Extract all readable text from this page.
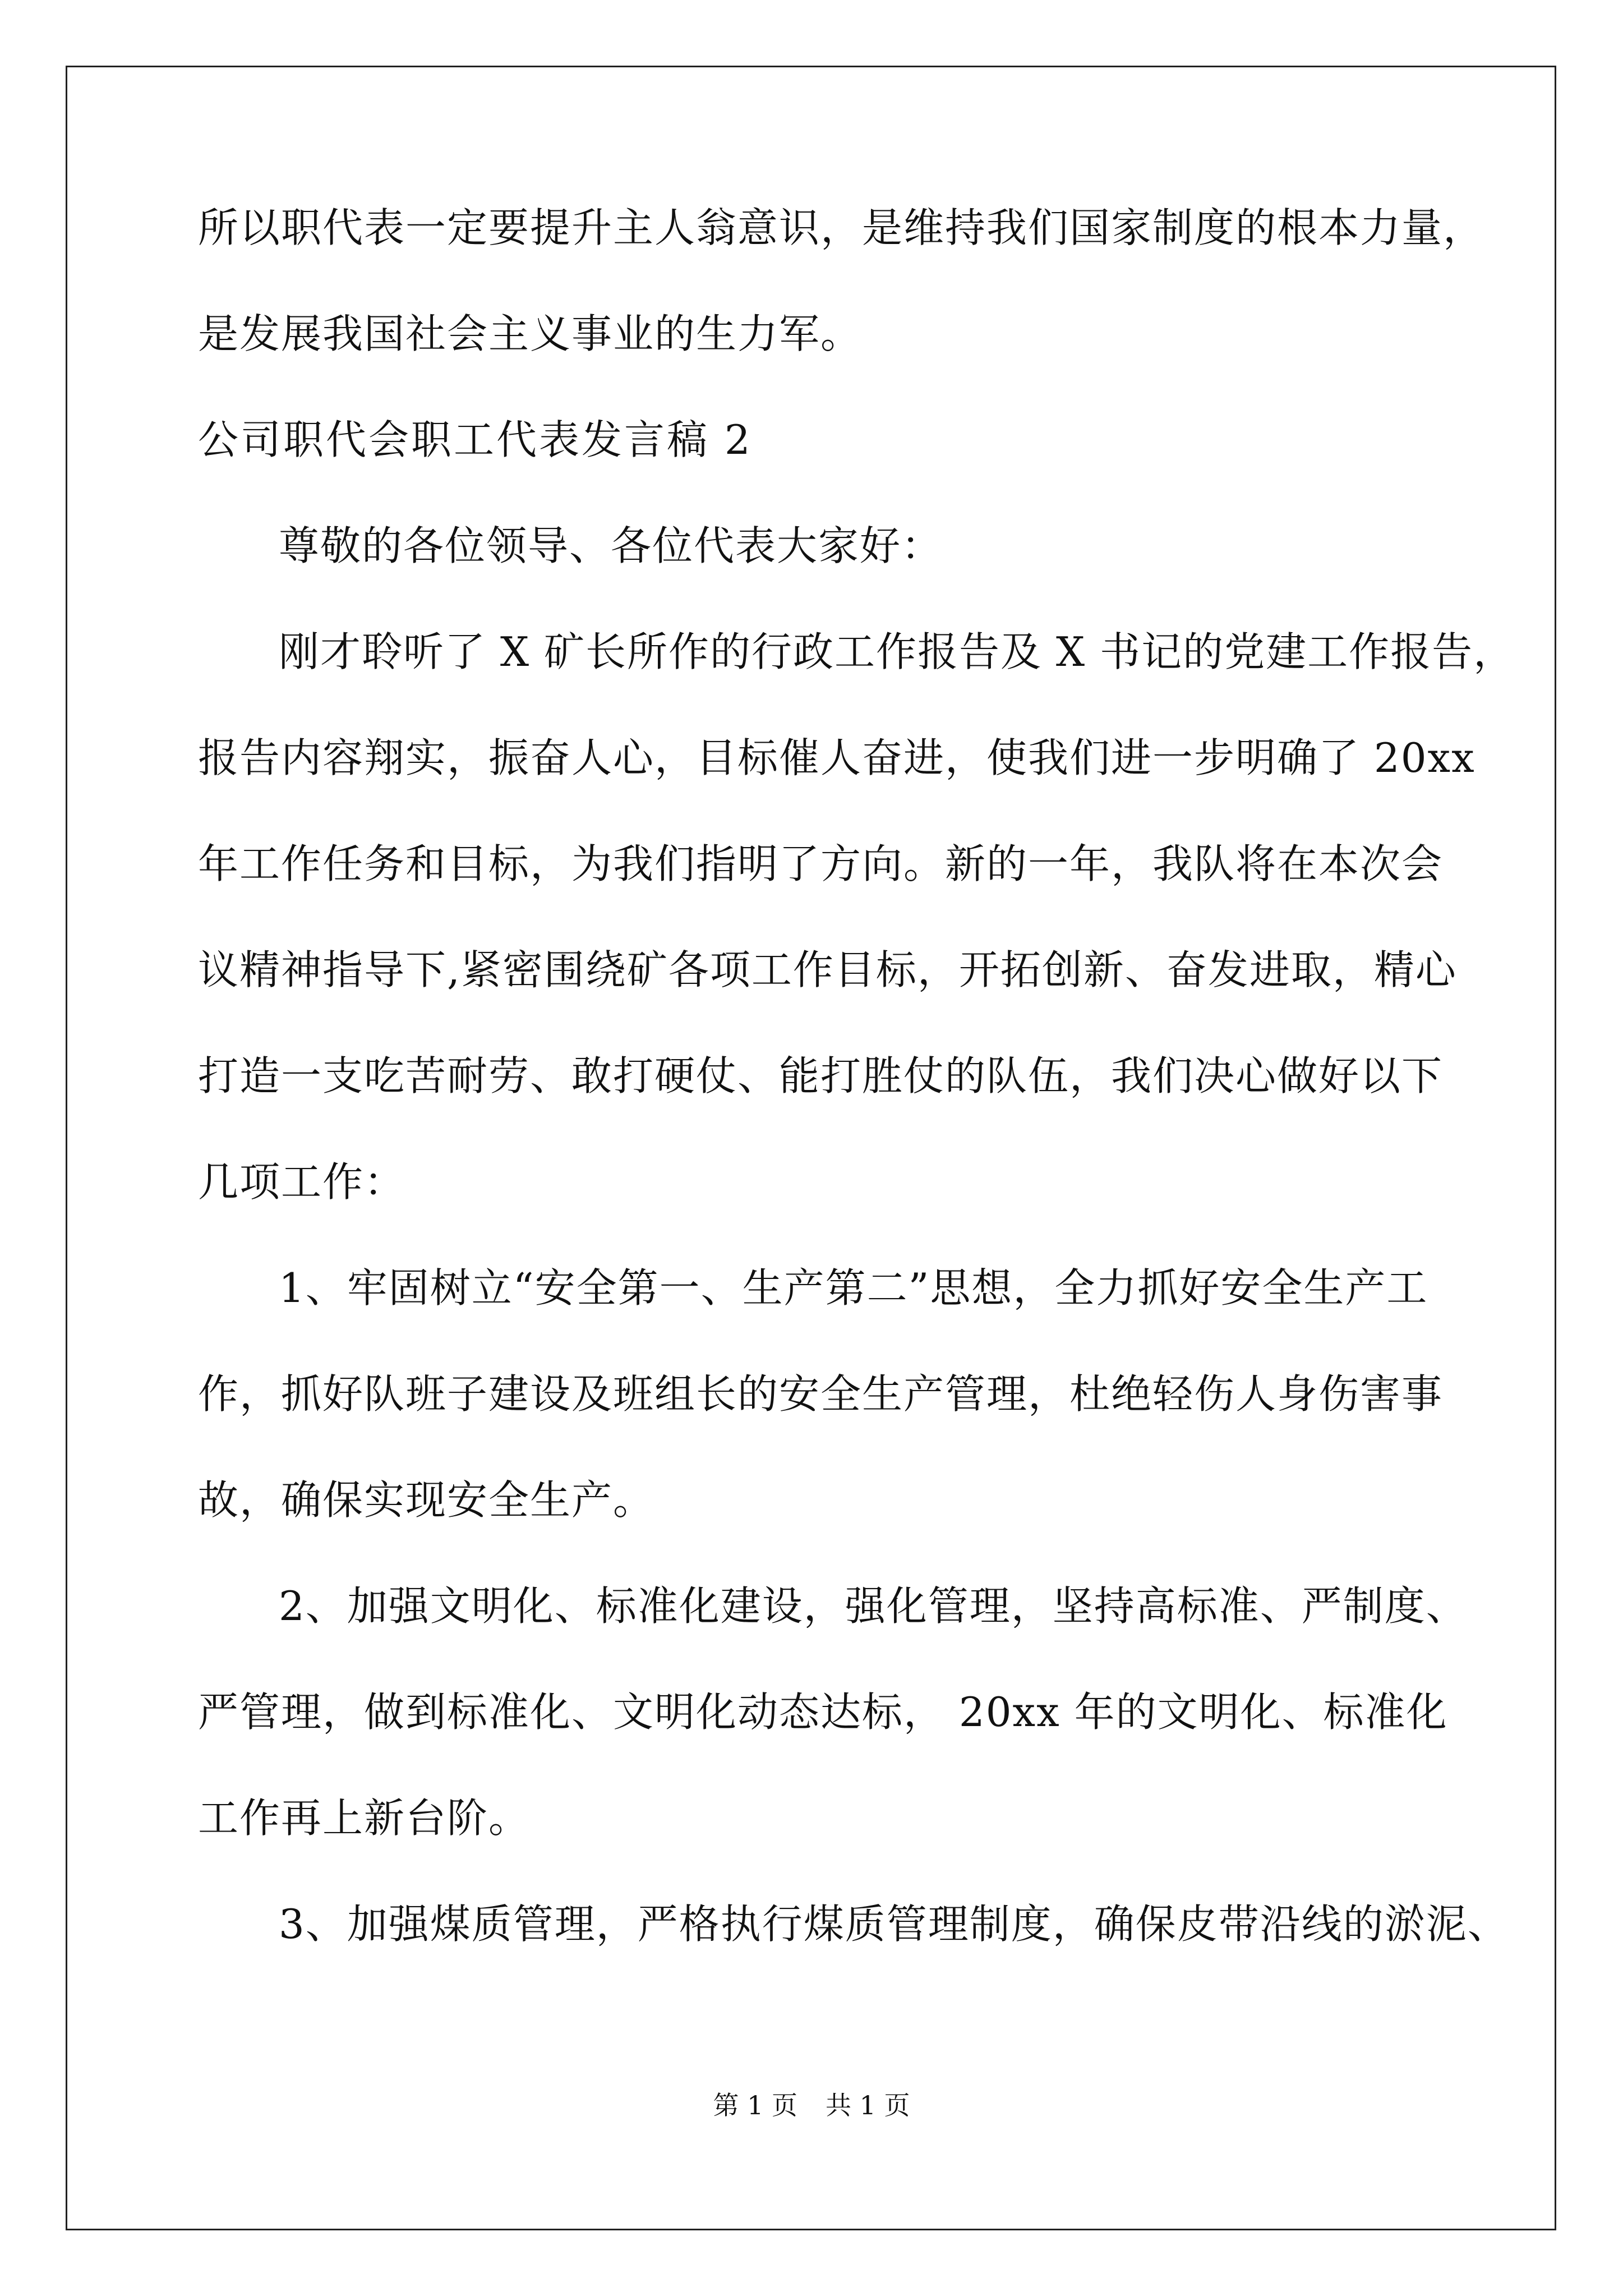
所以职代表一定要提升主人翁意识，是维持我们国家制度的根本力量，

是发展我国社会主义事业的生力军。

公司职代会职工代表发言稿 2

尊敬的各位领导、各位代表大家好：

刚才聆听了 X 矿长所作的行政工作报告及 X 书记的党建工作报告，

报告内容翔实，振奋人心，目标催人奋进，使我们进一步明确了 20xx

年工作任务和目标，为我们指明了方向。新的一年，我队将在本次会

议精神指导下,紧密围绕矿各项工作目标，开拓创新、奋发进取，精心

打造一支吃苦耐劳、敢打硬仗、能打胜仗的队伍，我们决心做好以下

几项工作：

1、牢固树立“安全第一、生产第二”思想，全力抓好安全生产工

作，抓好队班子建设及班组长的安全生产管理，杜绝轻伤人身伤害事

故，确保实现安全生产。

2、加强文明化、标准化建设，强化管理，坚持高标准、严制度、

严管理，做到标准化、文明化动态达标， 20xx 年的文明化、标准化

工作再上新台阶。

3、加强煤质管理，严格执行煤质管理制度，确保皮带沿线的淤泥、

第 1 页 共 1 页
